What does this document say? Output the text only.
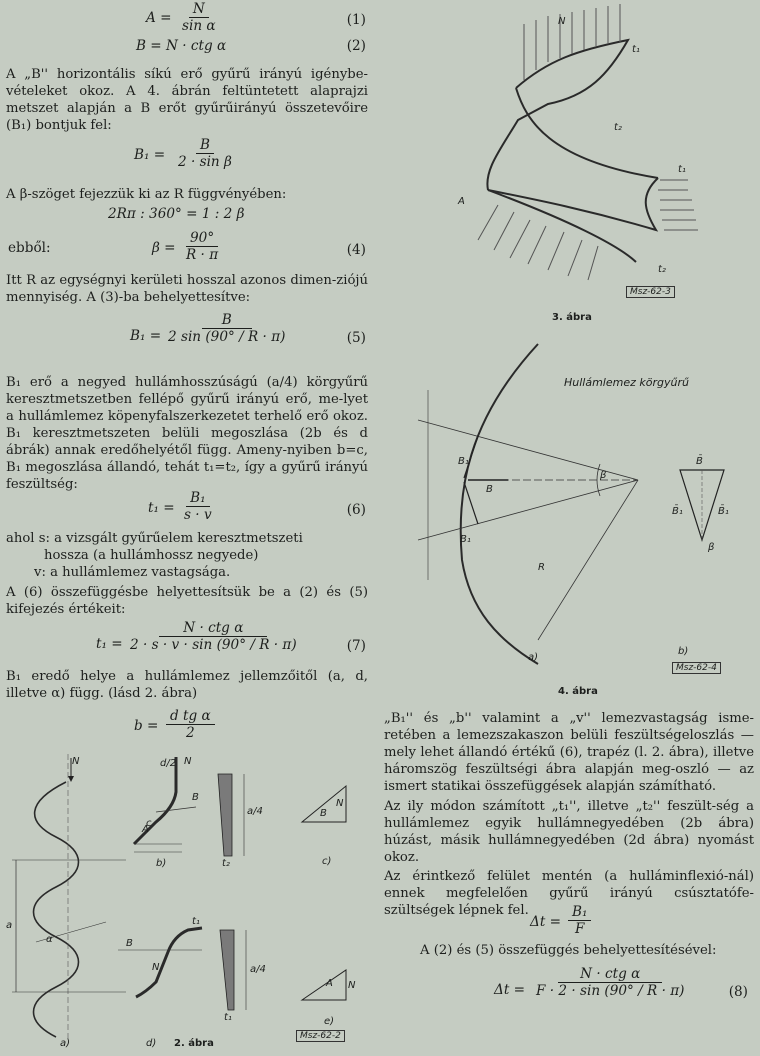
$A = \frac{N}{\text{sin α}}$	(1)
B = N · ctg α	(2)

A „B'' horizontális síkú erő gyűrű irányú igénybe-vételeket okoz. A 4. ábrán feltüntetett alaprajzi metszet alapján a B erőt gyűrűirányú összetevőire (B₁) bontjuk fel:

$B_1 = \frac{B}{\text{2 · sin β}}$

A β-szöget fejezzük ki az R függvényében:

2Rπ : 360° = 1 : 2 β
ebből:	$\beta = \frac{90^\circ}{R \cdot \pi}$	(4)

Itt R az egységnyi kerületi hosszal azonos dimen-ziójú mennyiség. A (3)-ba behelyettesítve:

$B_1 = \frac{B}{2 \sin (90^\circ / R \cdot \pi)}$	(5)

B₁ erő a negyed hullámhosszúságú (a/4) körgyűrű keresztmetszetben fellépő gyűrű irányú erő, me-lyet a hullámlemez köpenyfalszerkezetet terhelő erő okoz. B₁ keresztmetszeten belüli megoszlása (2b és d ábrák) annak eredőhelyétől függ. Ameny-nyiben b=c, B₁ megoszlása állandó, tehát t₁=t₂, így a gyűrű irányú feszültség:

$t_1 = \frac{\text{B₁}}{s \cdot v}$	(6)

ahol s: a vizsgált gyűrűelem keresztmetszeti

hossza (a hullámhossz negyede)

v: a hullámlemez vastagsága.

A (6) összefüggésbe helyettesítsük be a (2) és (5) kifejezés értékeit:

t₁ =
N · ctg α
2 · s · v · sin (90° / R · π)	(7)

B₁ eredő helye a hullámlemez jellemzőitől (a, d, illetve α) függ. (lásd 2. ábra)

$b = \frac{\text{d tg α}}{2}$
N
a
α
N
d/2
B
c
A
a/4
t₂
N
B
t₁
B
N	a/4
t₁
A N
b)	c)
e)
a)	d) 2. ábra
Msz-62-2
N
A
t₁
t₂
t₁
t₂
Msz-62-3
3. ábra
Hullámlemez körgyűrű
B₁
B
B₁
β
R
B̄
B̄₁	B̄₁
β
a)
b)
Msz-62-4
4. ábra

„B₁'' és „b'' valamint a „v'' lemezvastagság isme-retében a lemezszakaszon belüli feszültségeloszlás — mely lehet állandó értékű (6), trapéz (l. 2. ábra), illetve háromszög feszültségi ábra alapján meg-oszló — az ismert statikai összefüggések alapján számítható.

Az ily módon számított „t₁'', illetve „t₂'' feszült-ség a hullámlemez egyik hullámnegyedében (2b ábra) húzást, másik hullámnegyedében (2d ábra) nyomást okoz.

Az érintkező felület mentén (a hulláminflexió-nál) ennek megfelelően gyűrű irányú csúsztatófe-szültségek lépnek fel.

$\Delta t = \frac{\text{B₁}}{F}$

A (2) és (5) összefüggés behelyettesítésével:

Δt =
N · ctg α
F · 2 · sin (90° / R · π)	(8)
